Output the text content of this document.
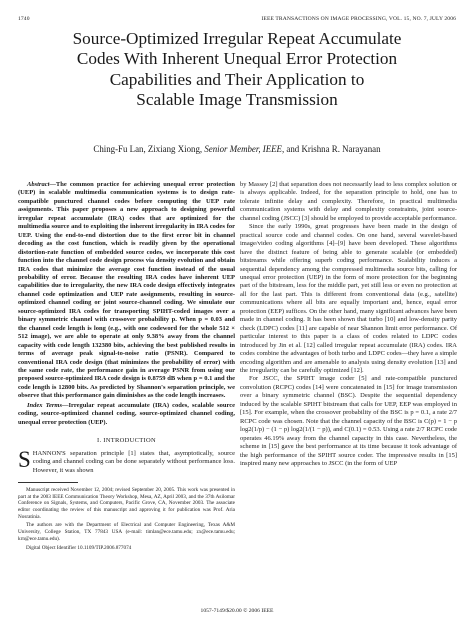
1740	IEEE TRANSACTIONS ON IMAGE PROCESSING, VOL. 15, NO. 7, JULY 2006
Source-Optimized Irregular Repeat Accumulate
Codes With Inherent Unequal Error Protection
Capabilities and Their Application to
Scalable Image Transmission
Ching-Fu Lan, Zixiang Xiong, Senior Member, IEEE, and Krishna R. Narayanan

Abstract—The common practice for achieving unequal error protection (UEP) in scalable multimedia communication systems is to design rate-compatible punctured channel codes before computing the UEP rate assignments. This paper proposes a new approach to designing powerful irregular repeat accumulate (IRA) codes that are optimized for the multimedia source and to exploiting the inherent irregularity in IRA codes for UEP. Using the end-to-end distortion due to the first error bit in channel decoding as the cost function, which is readily given by the operational distortion-rate function of embedded source codes, we incorporate this cost function into the channel code design process via density evolution and obtain IRA codes that minimize the average cost function instead of the usual probability of error. Because the resulting IRA codes have inherent UEP capabilities due to irregularity, the new IRA code design effectively integrates channel code optimization and UEP rate assignments, resulting in source-optimized channel coding or joint source-channel coding. We simulate our source-optimized IRA codes for transporting SPIHT-coded images over a binary symmetric channel with crossover probability p. When p = 0.03 and the channel code length is long (e.g., with one codeword for the whole 512 × 512 image), we are able to operate at only 9.38% away from the channel capacity with code length 132380 bits, achieving the best published results in terms of average peak signal-to-noise ratio (PSNR). Compared to conventional IRA code design (that minimizes the probability of error) with the same code rate, the performance gain in average PSNR from using our proposed source-optimized IRA code design is 0.8759 dB when p = 0.1 and the code length is 12800 bits. As predicted by Shannon's separation principle, we observe that this performance gain diminishes as the code length increases.

Index Terms—Irregular repeat accumulate (IRA) codes, scalable source coding, source-optimized channel coding, source-optimized channel coding, unequal error protection (UEP).

I. INTRODUCTION

SHANNON'S separation principle [1] states that, asymptotically, source coding and channel coding can be done separately without performance loss. However, it was shown

Manuscript received November 12, 2004; revised September 20, 2005. This work was presented in part at the 2003 IEEE Communication Theory Workshop, Mesa, AZ, April 2003, and the 37th Asilomar Conference on Signals, Systems, and Computers, Pacific Grove, CA, November 2003. The associate editor coordinating the review of this manuscript and approving it for publication was Prof. Aria Nosratinia.

The authors are with the Department of Electrical and Computer Engineering, Texas A&M University, College Station, TX 77843 USA (e-mail: timlan@ece.tamu.edu; zx@ece.tamu.edu; krn@ece.tamu.edu).

Digital Object Identifier 10.1109/TIP.2006.877074

by Massey [2] that separation does not necessarily lead to less complex solution or is always applicable. Indeed, for the separation principle to hold, one has to tolerate infinite delay and complexity. Therefore, in practical multimedia communication systems with delay and complexity constraints, joint source-channel coding (JSCC) [3] should be employed to provide acceptable performance.

Since the early 1990s, great progresses have been made in the design of practical source code and channel codes. On one hand, several wavelet-based image/video coding algorithms [4]–[9] have been developed. These algorithms have the distinct feature of being able to generate scalable (or embedded) bitstreams while offering superb coding performance. Scalability induces a sequential dependency among the compressed multimedia source bits, calling for unequal error protection (UEP) in the form of more protection for the beginning part of the bitstream, less for the middle part, yet still less or even no protection at all for the last part. This is different from conventional data (e.g., satellite) communications where all bits are equally important and, hence, equal error protection (EEP) suffices. On the other hand, many significant advances have been made in channel coding. It has been shown that turbo [10] and low-density parity check (LDPC) codes [11] are capable of near Shannon limit error performance. Of particular interest to this paper is a class of codes related to LDPC codes introduced by Jin et al. [12] called irregular repeat accumulate (IRA) codes. IRA codes combine the advantages of both turbo and LDPC codes—they have a simple encoding algorithm and are amenable to analysis using density evolution [13] and the irregularity can be carefully optimized [12].

For JSCC, the SPIHT image coder [5] and rate-compatible punctured convolution (RCPC) codes [14] were concatenated in [15] for image transmission over a binary symmetric channel (BSC). Despite the sequential dependency induced by the scalable SPIHT bitstream that calls for UEP, EEP was employed in [15]. For example, when the crossover probability of the BSC is p = 0.1, a rate 2/7 RCPC code was chosen. Note that the channel capacity of the BSC is C(p) = 1 − p log2(1/p) − (1 − p) log2(1/(1 − p)), and C(0.1) = 0.53. Using a rate 2/7 RCPC code operates 46.19% away from the channel capacity in this case. Nevertheless, the scheme in [15] gave the best performance at its time because it took advantage of the high performance of the SPIHT source coder. The impressive results in [15] inspired many new approaches to JSCC (in the form of UEP

1057-7149/$20.00 © 2006 IEEE
